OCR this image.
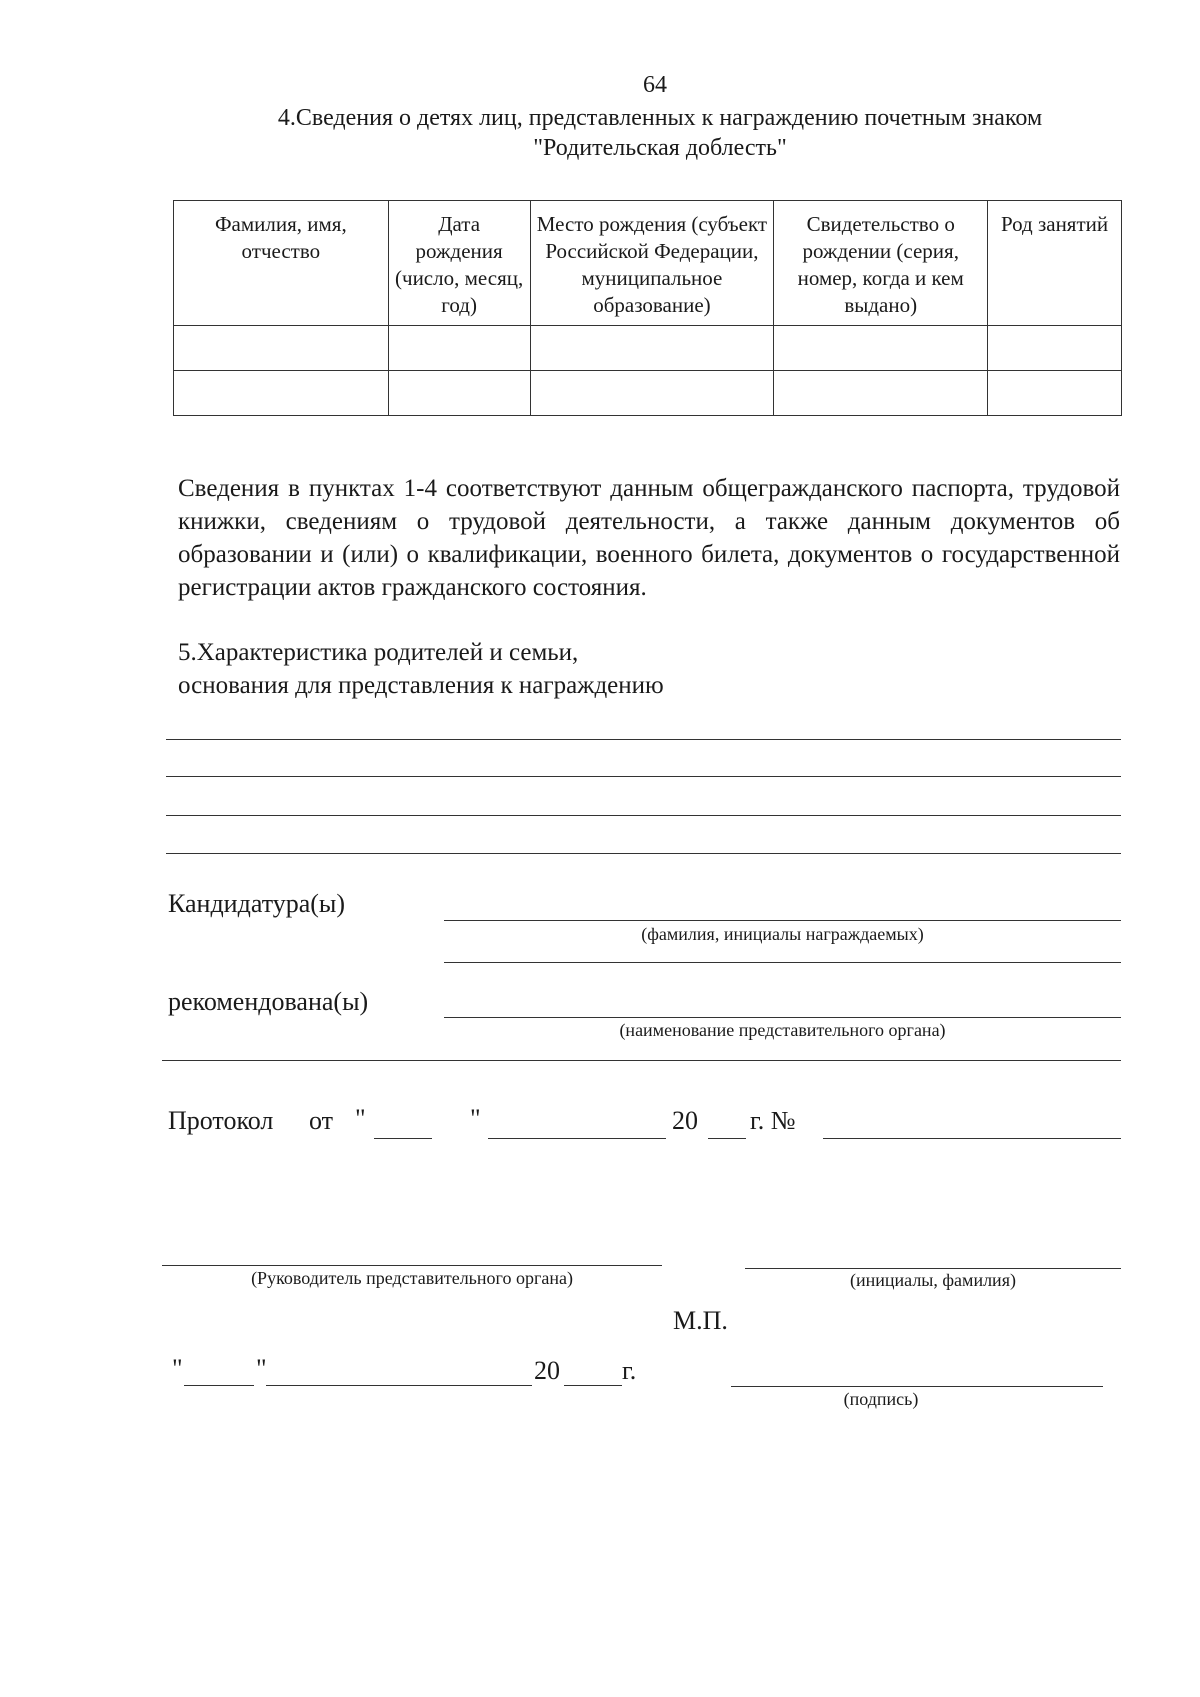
64
4.Сведения о детях лиц, представленных к награждению почетным знаком
"Родительская доблесть"
Фамилия, имя, отчество	Дата рождения (число, месяц, год)	Место рождения (субъект Российской Федерации, муниципальное образование)	Свидетельство о рождении (серия, номер, когда и кем выдано)	Род занятий

Сведения в пунктах 1-4 соответствуют данным общегражданского паспорта, трудовой книжки, сведениям о трудовой деятельности, а также данным документов об образовании и (или) о квалификации, военного билета, документов о государственной регистрации актов гражданского состояния.
5.Характеристика родителей и семьи,
основания для представления к награждению
Кандидатура(ы)
(фамилия, инициалы награждаемых)
рекомендована(ы)
(наименование представительного органа)
Протокол от "	"	20 г. №
(Руководитель представительного органа)	(инициалы, фамилия)
М.П.
"	"	20 г.
(подпись)
